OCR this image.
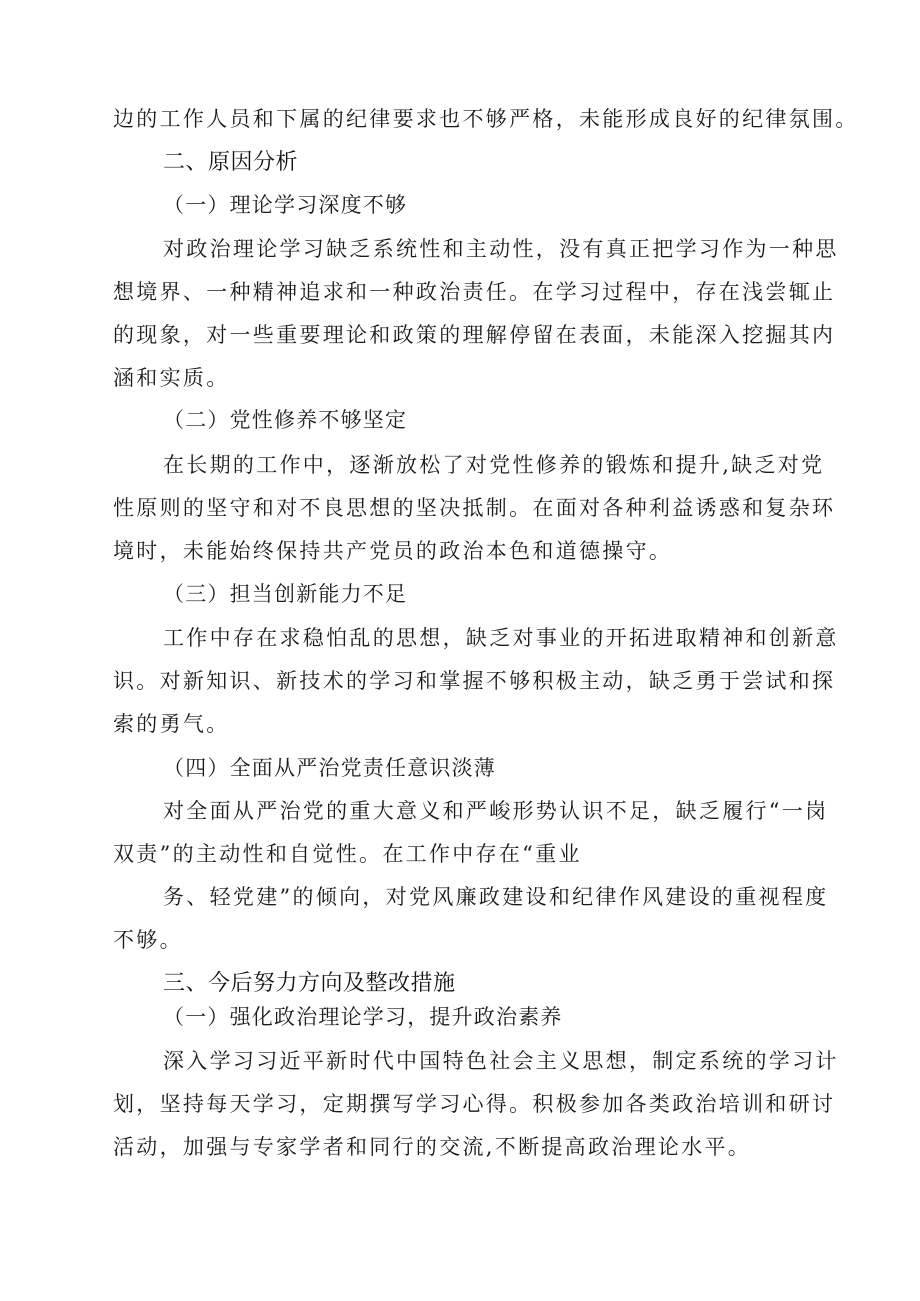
边的工作人员和下属的纪律要求也不够严格，未能形成良好的纪律氛围。
二、原因分析
（一）理论学习深度不够
对政治理论学习缺乏系统性和主动性，没有真正把学习作为一种思
想境界、一种精神追求和一种政治责任。在学习过程中，存在浅尝辄止
的现象，对一些重要理论和政策的理解停留在表面，未能深入挖掘其内
涵和实质。
（二）党性修养不够坚定
在长期的工作中，逐渐放松了对党性修养的锻炼和提升,缺乏对党
性原则的坚守和对不良思想的坚决抵制。在面对各种利益诱惑和复杂环
境时，未能始终保持共产党员的政治本色和道德操守。
（三）担当创新能力不足
工作中存在求稳怕乱的思想，缺乏对事业的开拓进取精神和创新意
识。对新知识、新技术的学习和掌握不够积极主动，缺乏勇于尝试和探
索的勇气。
（四）全面从严治党责任意识淡薄
对全面从严治党的重大意义和严峻形势认识不足，缺乏履行“一岗
双责”的主动性和自觉性。在工作中存在“重业
务、轻党建”的倾向，对党风廉政建设和纪律作风建设的重视程度
不够。
三、今后努力方向及整改措施
（一）强化政治理论学习，提升政治素养
深入学习习近平新时代中国特色社会主义思想，制定系统的学习计
划，坚持每天学习，定期撰写学习心得。积极参加各类政治培训和研讨
活动，加强与专家学者和同行的交流,不断提高政治理论水平。
